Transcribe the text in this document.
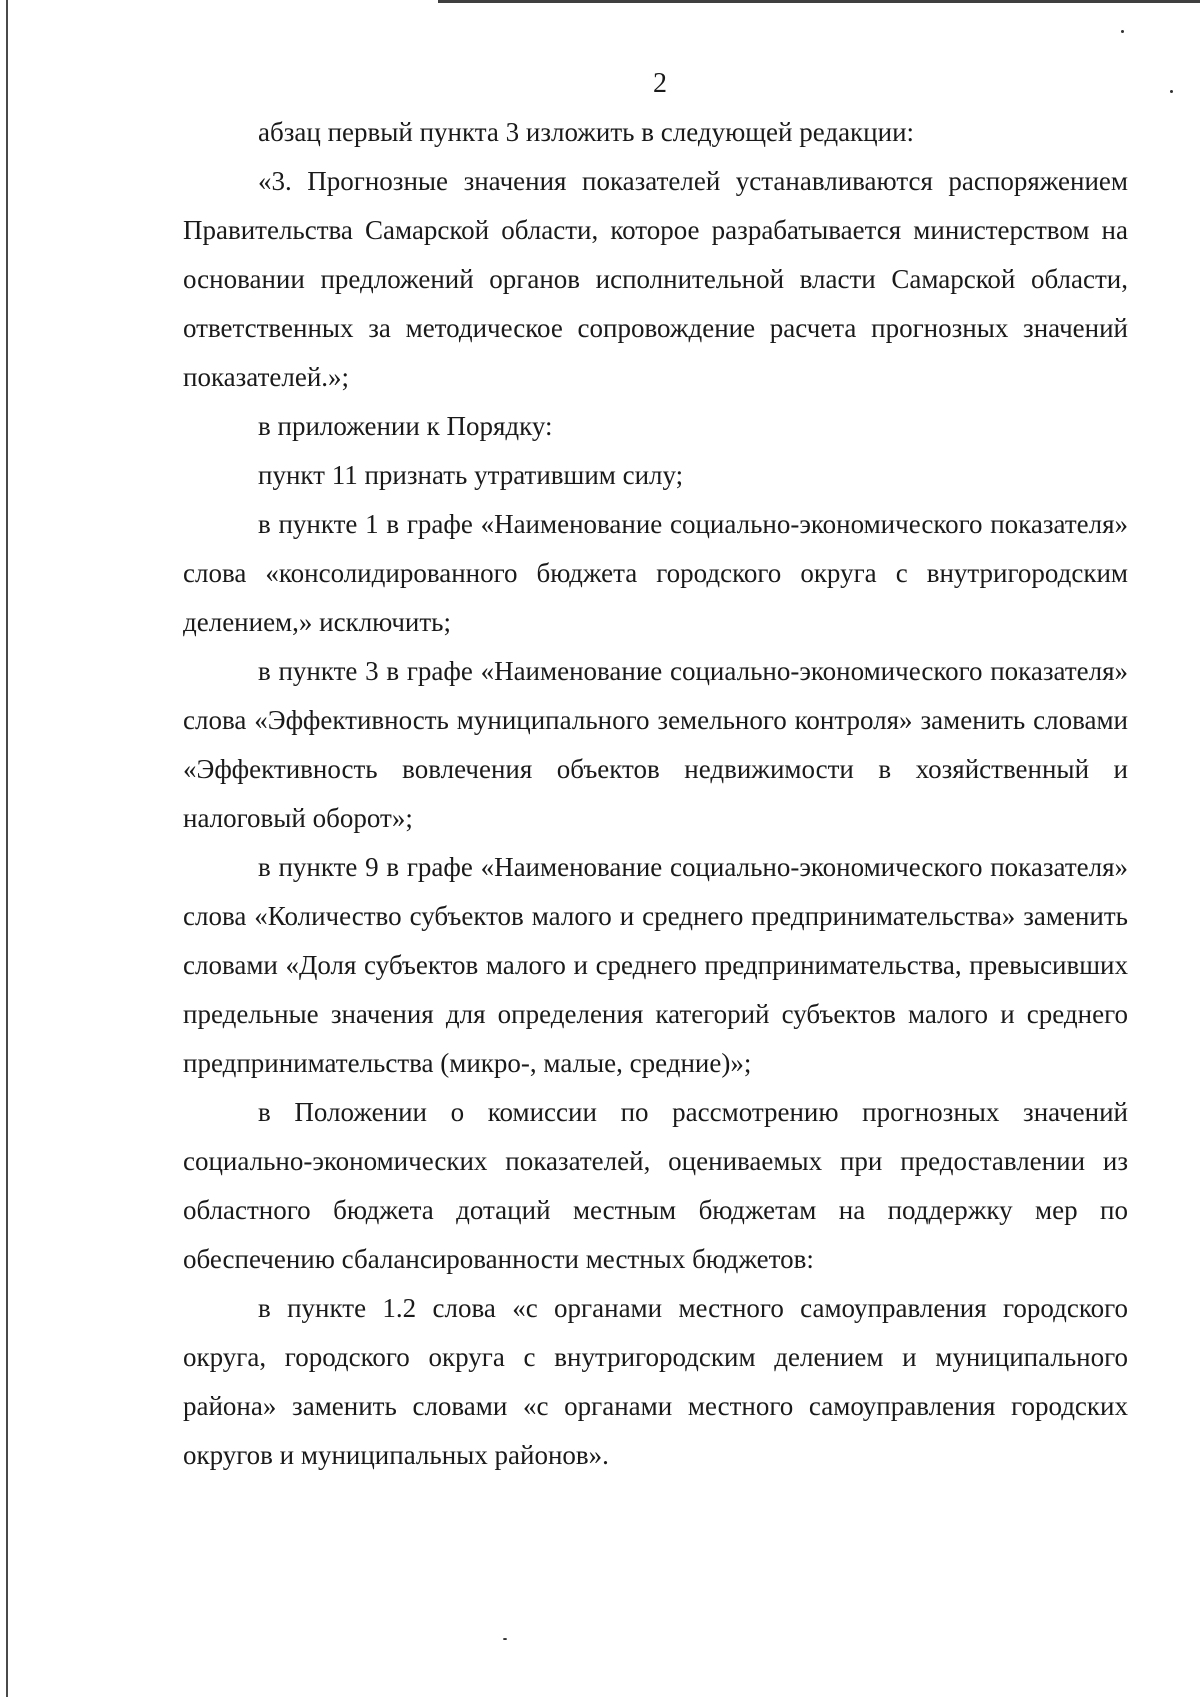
2

абзац первый пункта 3 изложить в следующей редакции:

«3. Прогнозные значения показателей устанавливаются распоряжением Правительства Самарской области, которое разрабатывается министерством на основании предложений органов исполнительной власти Самарской области, ответственных за методическое сопровождение расчета прогнозных значений показателей.»;

в приложении к Порядку:

пункт 11 признать утратившим силу;

в пункте 1 в графе «Наименование социально-экономического показателя» слова «консолидированного бюджета городского округа с внутригородским делением,» исключить;

в пункте 3 в графе «Наименование социально-экономического показателя» слова «Эффективность муниципального земельного контроля» заменить словами «Эффективность вовлечения объектов недвижимости в хозяйственный и налоговый оборот»;

в пункте 9 в графе «Наименование социально-экономического показателя» слова «Количество субъектов малого и среднего предпринимательства» заменить словами «Доля субъектов малого и среднего предпринимательства, превысивших предельные значения для определения категорий субъектов малого и среднего предпринимательства (микро-, малые, средние)»;

в Положении о комиссии по рассмотрению прогнозных значений социально-экономических показателей, оцениваемых при предоставлении из областного бюджета дотаций местным бюджетам на поддержку мер по обеспечению сбалансированности местных бюджетов:

в пункте 1.2 слова «с органами местного самоуправления городского округа, городского округа с внутригородским делением и муниципального района» заменить словами «с органами местного самоуправления городских округов и муниципальных районов».
